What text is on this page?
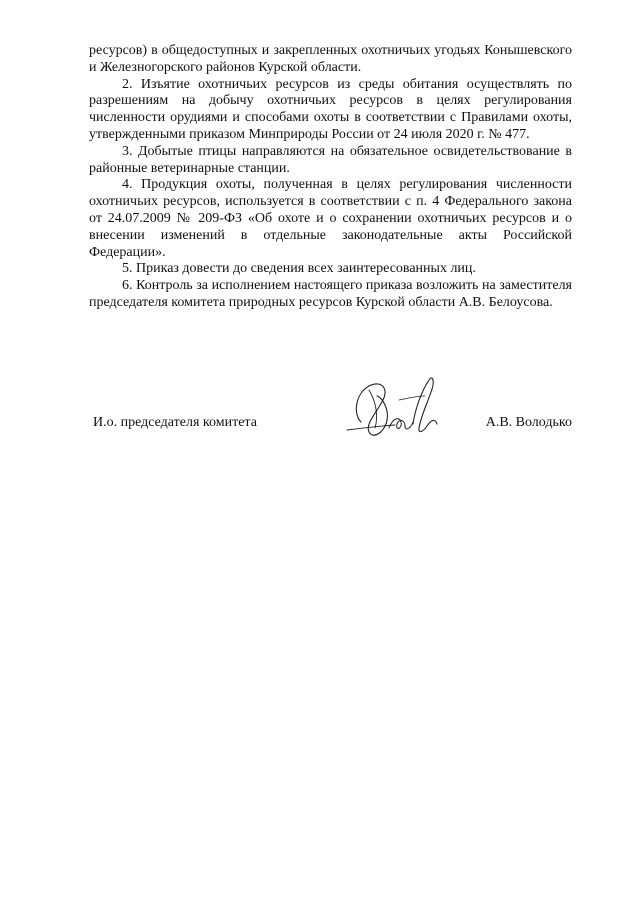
ресурсов) в общедоступных и закрепленных охотничьих угодьях Конышевского и Железногорского районов Курской области.

2. Изъятие охотничьих ресурсов из среды обитания осуществлять по разрешениям на добычу охотничьих ресурсов в целях регулирования численности орудиями и способами охоты в соответствии с Правилами охоты, утвержденными приказом Минприроды России от 24 июля 2020 г. № 477.

3. Добытые птицы направляются на обязательное освидетельствование в районные ветеринарные станции.

4. Продукция охоты, полученная в целях регулирования численности охотничьих ресурсов, используется в соответствии с п. 4 Федерального закона от 24.07.2009 № 209-ФЗ «Об охоте и о сохранении охотничьих ресурсов и о внесении изменений в отдельные законодательные акты Российской Федерации».

5. Приказ довести до сведения всех заинтересованных лиц.

6. Контроль за исполнением настоящего приказа возложить на заместителя председателя комитета природных ресурсов Курской области А.В. Белоусова.

И.о. председателя комитета	А.В. Володько
